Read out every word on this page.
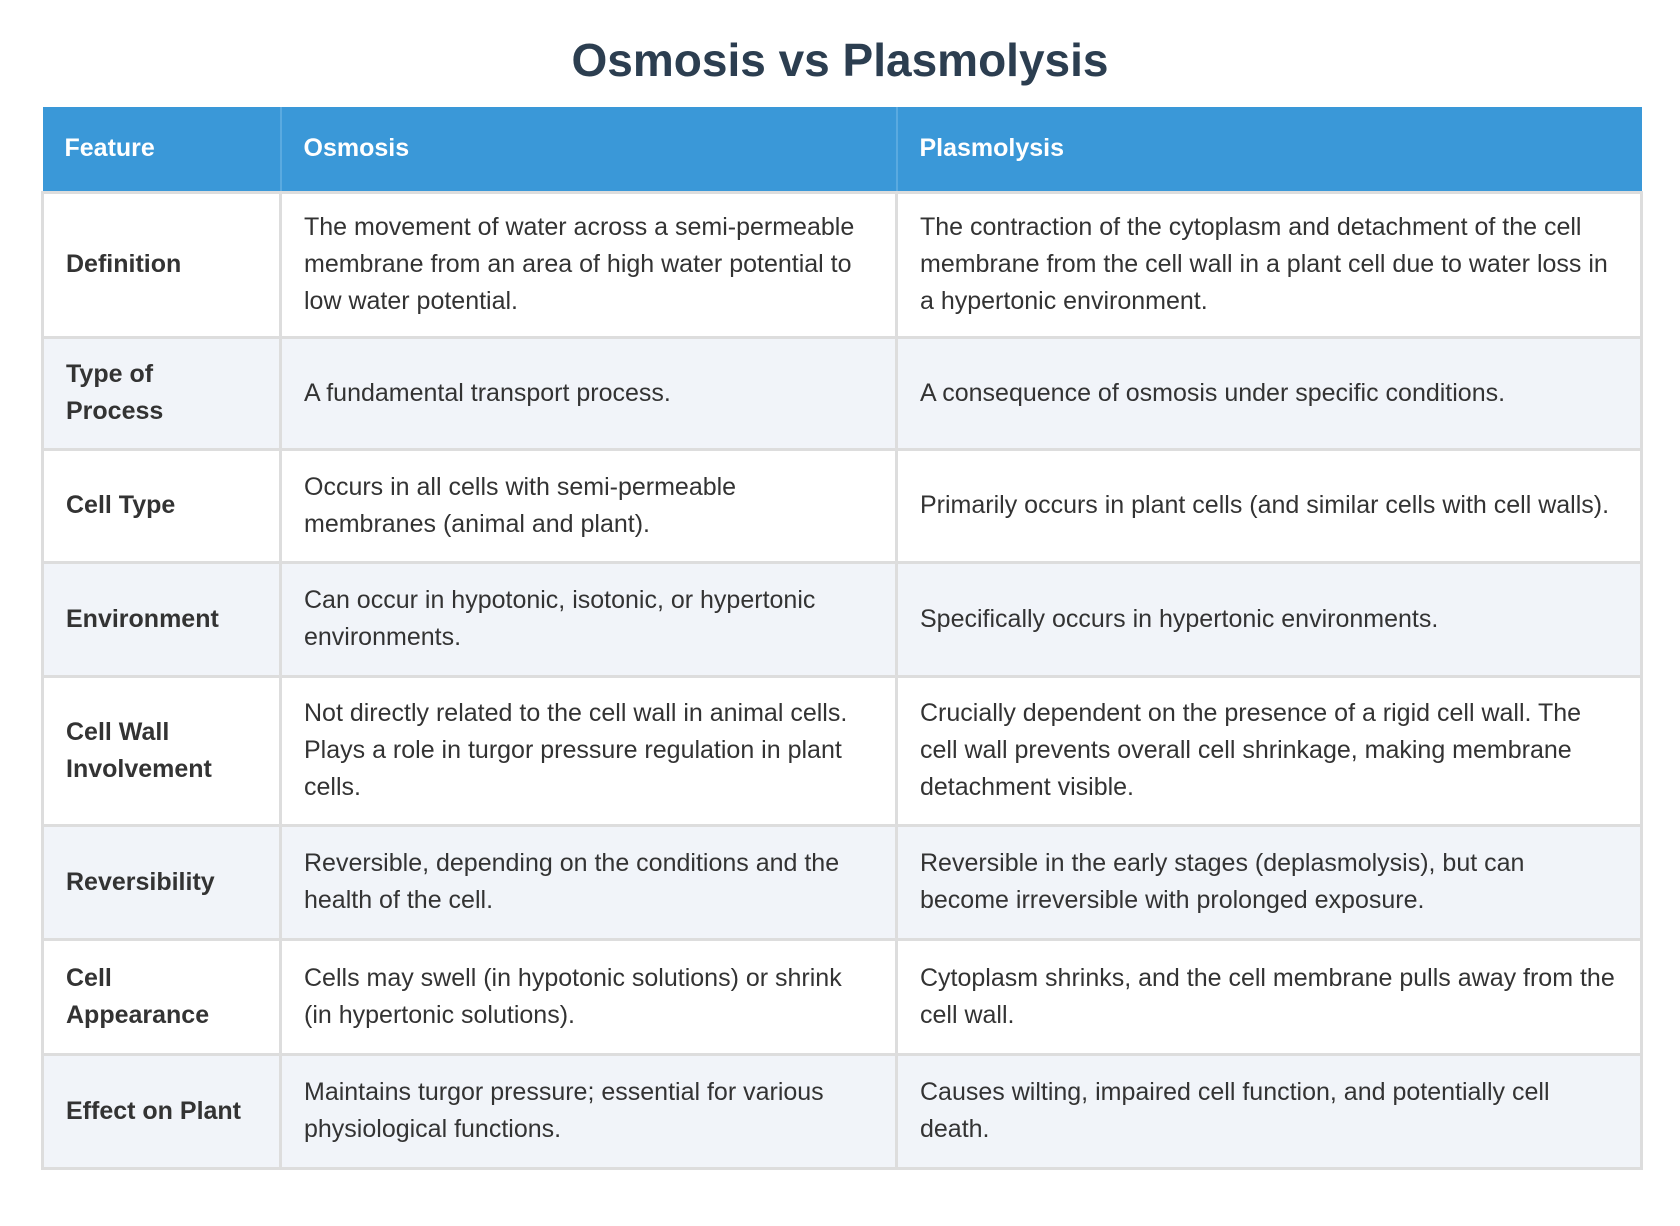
Osmosis vs Plasmolysis
Feature	Osmosis	Plasmolysis
Definition	The movement of water across a semi-permeable membrane from an area of high water potential to low water potential.	The contraction of the cytoplasm and detachment of the cell membrane from the cell wall in a plant cell due to water loss in a hypertonic environment.
Type of Process	A fundamental transport process.	A consequence of osmosis under specific conditions.
Cell Type	Occurs in all cells with semi-permeable membranes (animal and plant).	Primarily occurs in plant cells (and similar cells with cell walls).
Environment	Can occur in hypotonic, isotonic, or hypertonic environments.	Specifically occurs in hypertonic environments.
Cell Wall Involvement	Not directly related to the cell wall in animal cells. Plays a role in turgor pressure regulation in plant cells.	Crucially dependent on the presence of a rigid cell wall. The cell wall prevents overall cell shrinkage, making membrane detachment visible.
Reversibility	Reversible, depending on the conditions and the health of the cell.	Reversible in the early stages (deplasmolysis), but can become irreversible with prolonged exposure.
Cell Appearance	Cells may swell (in hypotonic solutions) or shrink (in hypertonic solutions).	Cytoplasm shrinks, and the cell membrane pulls away from the cell wall.
Effect on Plant	Maintains turgor pressure; essential for various physiological functions.	Causes wilting, impaired cell function, and potentially cell death.
